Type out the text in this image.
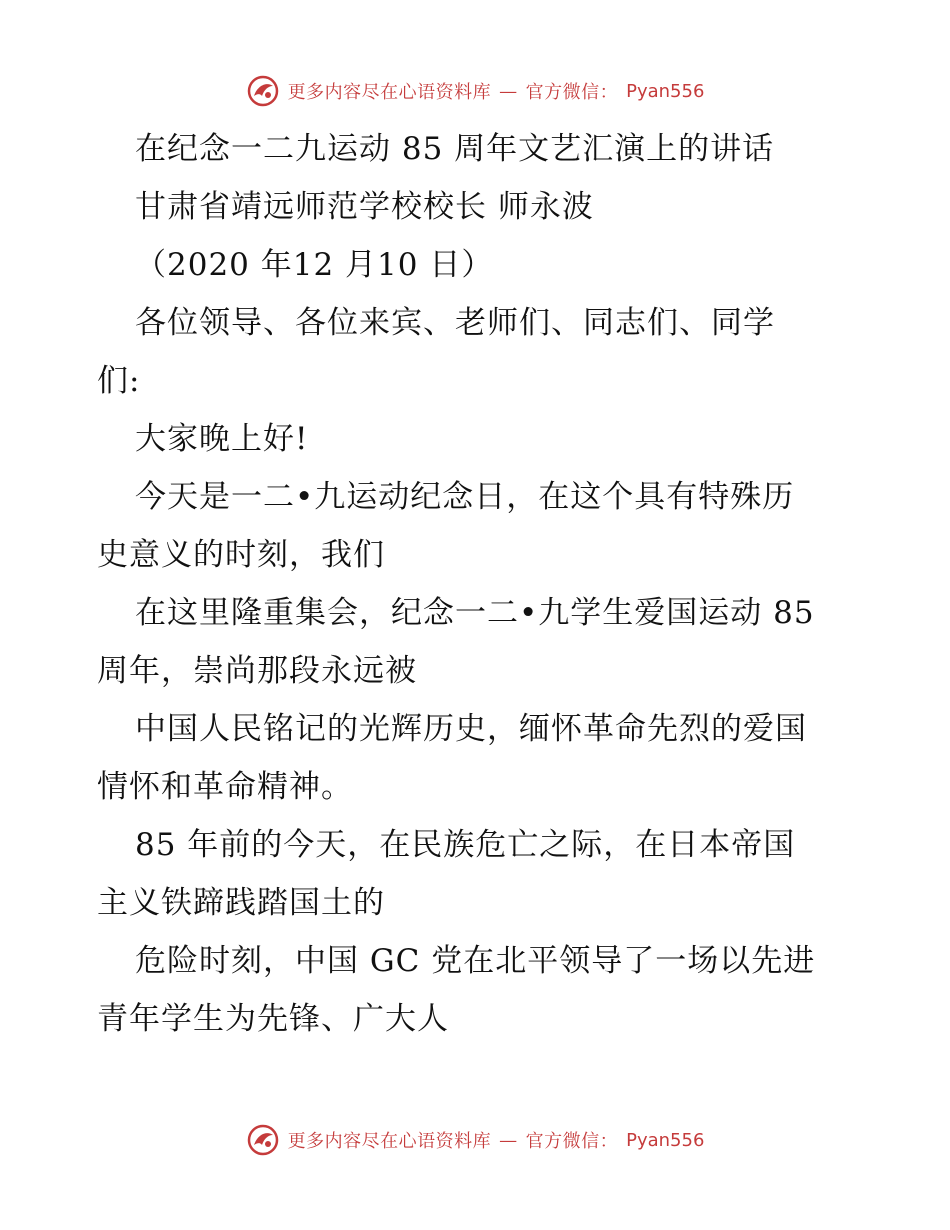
更多内容尽在心语资料库 — 官方微信： Pyan556
在纪念一二九运动 85 周年文艺汇演上的讲话
甘肃省靖远师范学校校长 师永波
（2020 年12 月10 日）
各位领导、各位来宾、老师们、同志们、同学
们:
大家晚上好!
今天是一二•九运动纪念日，在这个具有特殊历
史意义的时刻，我们
在这里隆重集会，纪念一二•九学生爱国运动 85
周年，崇尚那段永远被
中国人民铭记的光辉历史，缅怀革命先烈的爱国
情怀和革命精神。
85 年前的今天，在民族危亡之际，在日本帝国
主义铁蹄践踏国土的
危险时刻，中国 GC 党在北平领导了一场以先进
青年学生为先锋、广大人
更多内容尽在心语资料库 — 官方微信： Pyan556
